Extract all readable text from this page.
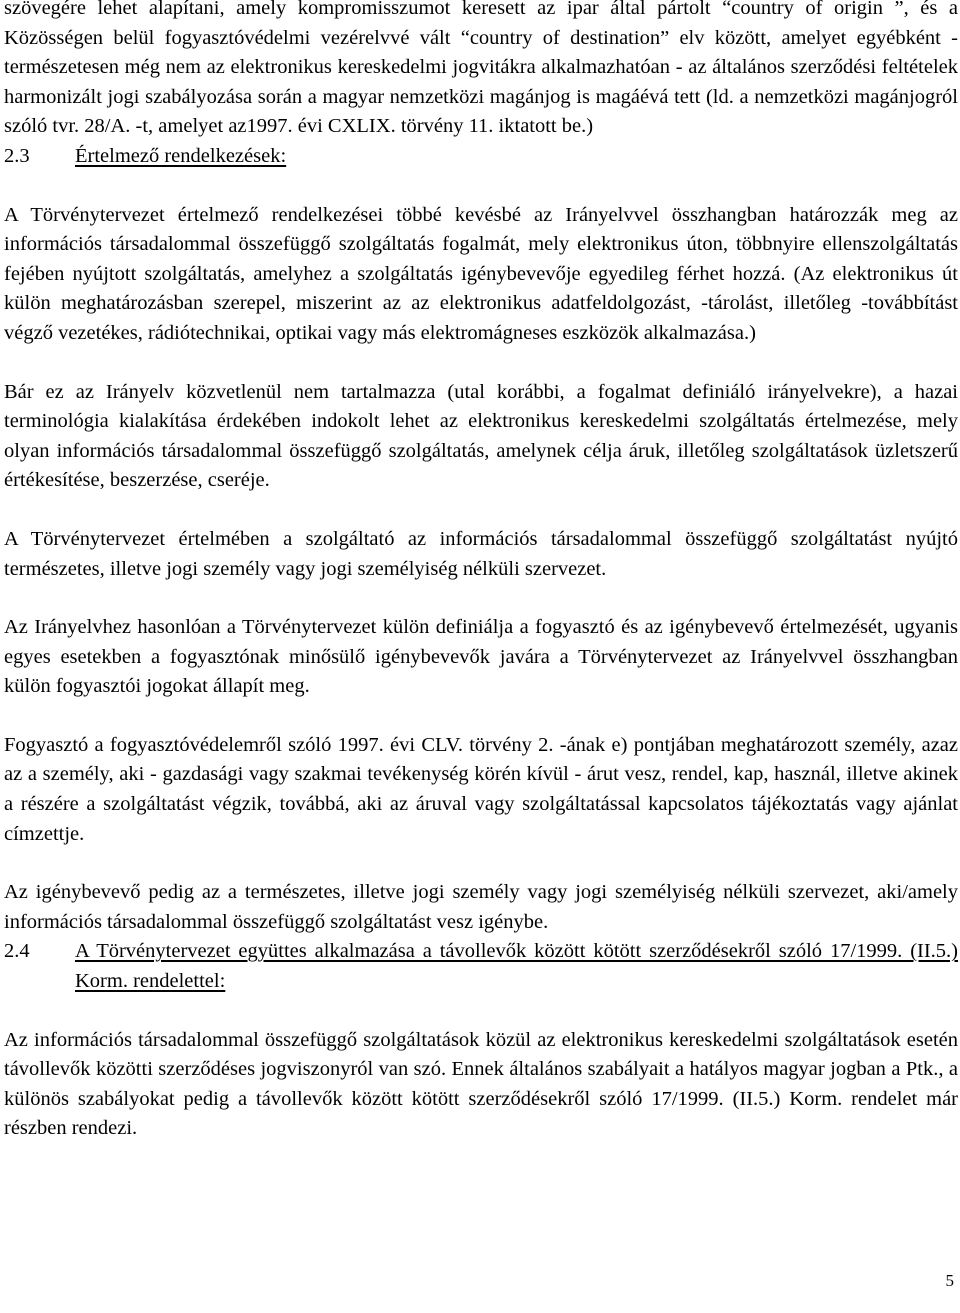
szövegére lehet alapítani, amely kompromisszumot keresett az ipar által pártolt “country of origin ”, és a Közösségen belül fogyasztóvédelmi vezérelvvé vált “country of destination” elv között, amelyet egyébként - természetesen még nem az elektronikus kereskedelmi jogvitákra alkalmazhatóan - az általános szerződési feltételek harmonizált jogi szabályozása során a magyar nemzetközi magánjog is magáévá tett (ld. a nemzetközi magánjogról szóló tvr. 28/A. -t, amelyet az1997. évi CXLIX. törvény 11. iktatott be.)

2.3	Értelmező rendelkezések:

A Törvénytervezet értelmező rendelkezései többé kevésbé az Irányelvvel összhangban határozzák meg az információs társadalommal összefüggő szolgáltatás fogalmát, mely elektronikus úton, többnyire ellenszolgáltatás fejében nyújtott szolgáltatás, amelyhez a szolgáltatás igénybevevője egyedileg férhet hozzá. (Az elektronikus út külön meghatározásban szerepel, miszerint az az elektronikus adatfeldolgozást, -tárolást, illetőleg -továbbítást végző vezetékes, rádiótechnikai, optikai vagy más elektromágneses eszközök alkalmazása.)

Bár ez az Irányelv közvetlenül nem tartalmazza (utal korábbi, a fogalmat definiáló irányelvekre), a hazai terminológia kialakítása érdekében indokolt lehet az elektronikus kereskedelmi szolgáltatás értelmezése, mely olyan információs társadalommal összefüggő szolgáltatás, amelynek célja áruk, illetőleg szolgáltatások üzletszerű értékesítése, beszerzése, cseréje.

A Törvénytervezet értelmében a szolgáltató az információs társadalommal összefüggő szolgáltatást nyújtó természetes, illetve jogi személy vagy jogi személyiség nélküli szervezet.

Az Irányelvhez hasonlóan a Törvénytervezet külön definiálja a fogyasztó és az igénybevevő értelmezését, ugyanis egyes esetekben a fogyasztónak minősülő igénybevevők javára a Törvénytervezet az Irányelvvel összhangban külön fogyasztói jogokat állapít meg.

Fogyasztó a fogyasztóvédelemről szóló 1997. évi CLV. törvény 2. -ának e) pontjában meghatározott személy, azaz az a személy, aki - gazdasági vagy szakmai tevékenység körén kívül - árut vesz, rendel, kap, használ, illetve akinek a részére a szolgáltatást végzik, továbbá, aki az áruval vagy szolgáltatással kapcsolatos tájékoztatás vagy ajánlat címzettje.

Az igénybevevő pedig az a természetes, illetve jogi személy vagy jogi személyiség nélküli szervezet, aki/amely információs társadalommal összefüggő szolgáltatást vesz igénybe.

2.4	A Törvénytervezet együttes alkalmazása a távollevők között kötött szerződésekről szóló 17/1999. (II.5.) Korm. rendelettel:

Az információs társadalommal összefüggő szolgáltatások közül az elektronikus kereskedelmi szolgáltatások esetén távollevők közötti szerződéses jogviszonyról van szó. Ennek általános szabályait a hatályos magyar jogban a Ptk., a különös szabályokat pedig a távollevők között kötött szerződésekről szóló 17/1999. (II.5.) Korm. rendelet már részben rendezi.

5
